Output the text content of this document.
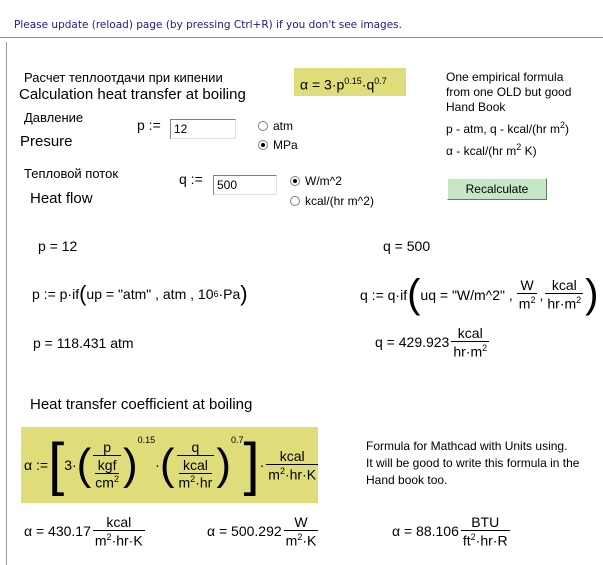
Please update (reload) page (by pressing Ctrl+R) if you don't see images.
Расчет теплоотдачи при кипении
Calculation heat transfer at boiling
$\alpha = 3\cdot p^{0.15}\cdot q^{0.7}$	One empirical formula
from one OLD but good
Hand Book
p - atm, q - kcal/(hr $m^2$)
α - kcal/(hr $m^2$ K)
Давление
Presure
p :=
12	atm
MPa
Тепловой поток
Heat flow
q :=
500	W/m^2
kcal/(hr m^2)
Recalculate
p = 12	q = 500
p := p·if ( up = "atm" , atm , 10 6 ·Pa )	q := q·if ( uq = "W/m^2" , $\frac{W}{m^2}$ , $\frac{\text{kcal}}{hr\cdot m^2}$ )
p = 118.431 atm	$q = 429.923 \frac{\text{kcal}}{hr\cdot m^2}$
Heat transfer coefficient at boiling
α := [ 3· ( p
kgf
$cm^2$ )$^{0.15}$
· ( q
kcal
$m^2\cdot hr$ )$^{0.7}$ ] · $\frac{\text{kcal}}{m^2\cdot hr\cdot K}$
Formula for Mathcad with Units using.
It will be good to write this formula in the
Hand book too.
$\alpha = 430.17 \frac{\text{kcal}}{m^2\cdot hr\cdot K}$	$\alpha = 500.292 \frac{W}{m^2\cdot K}$	$\alpha = 88.106 \frac{\text{BTU}}{ft^2\cdot hr\cdot R}$
